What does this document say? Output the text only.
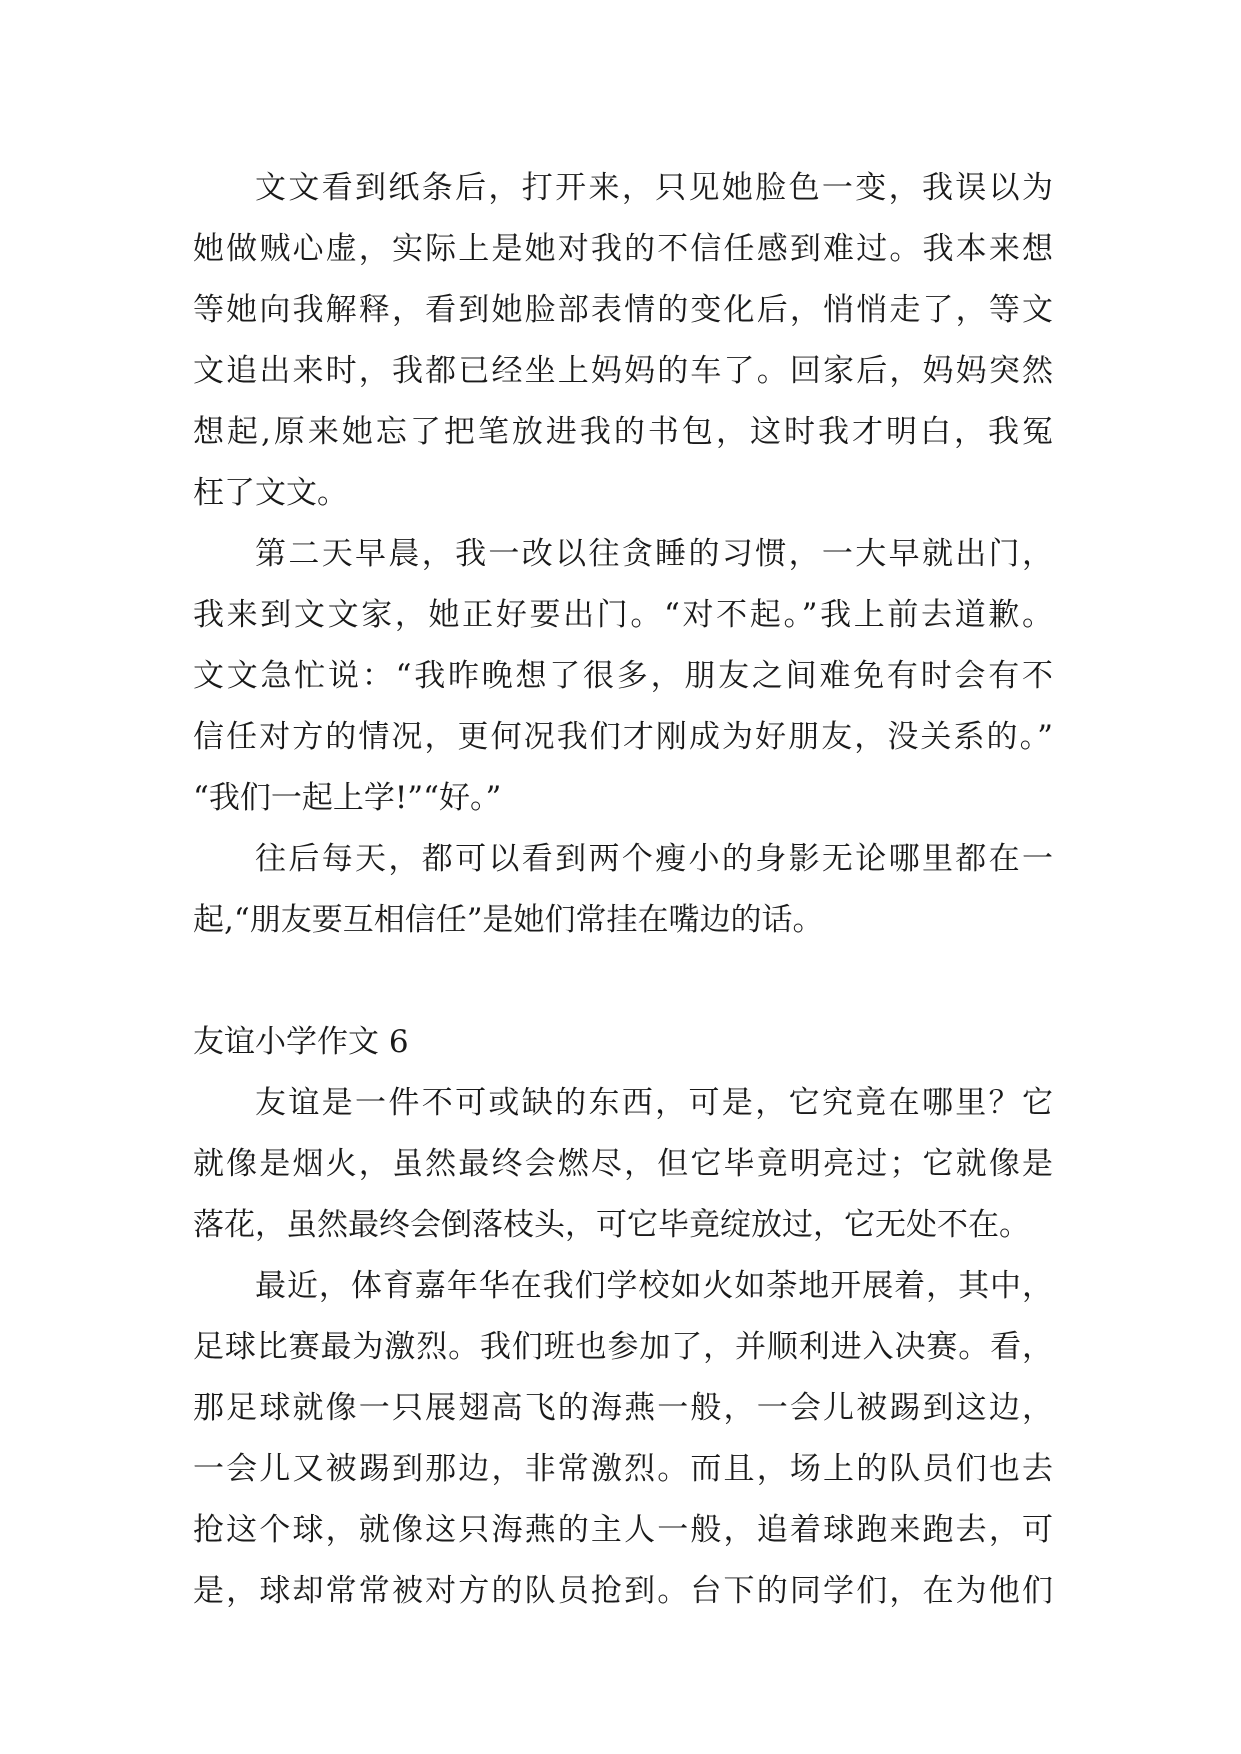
文文看到纸条后，打开来，只见她脸色一变，我误以为
她做贼心虚，实际上是她对我的不信任感到难过。我本来想
等她向我解释，看到她脸部表情的变化后，悄悄走了，等文
文追出来时，我都已经坐上妈妈的车了。回家后，妈妈突然
想起,原来她忘了把笔放进我的书包，这时我才明白，我冤
枉了文文。
第二天早晨，我一改以往贪睡的习惯，一大早就出门，
我来到文文家，她正好要出门。“对不起。”我上前去道歉。
文文急忙说：“我昨晚想了很多，朋友之间难免有时会有不
信任对方的情况，更何况我们才刚成为好朋友，没关系的。”
“我们一起上学!”“好。”
往后每天，都可以看到两个瘦小的身影无论哪里都在一
起,“朋友要互相信任”是她们常挂在嘴边的话。
友谊小学作文 6
友谊是一件不可或缺的东西，可是，它究竟在哪里？它
就像是烟火，虽然最终会燃尽，但它毕竟明亮过；它就像是
落花，虽然最终会倒落枝头，可它毕竟绽放过，它无处不在。
最近，体育嘉年华在我们学校如火如荼地开展着，其中，
足球比赛最为激烈。我们班也参加了，并顺利进入决赛。看，
那足球就像一只展翅高飞的海燕一般，一会儿被踢到这边，
一会儿又被踢到那边，非常激烈。而且，场上的队员们也去
抢这个球，就像这只海燕的主人一般，追着球跑来跑去，可
是，球却常常被对方的队员抢到。台下的同学们，在为他们
